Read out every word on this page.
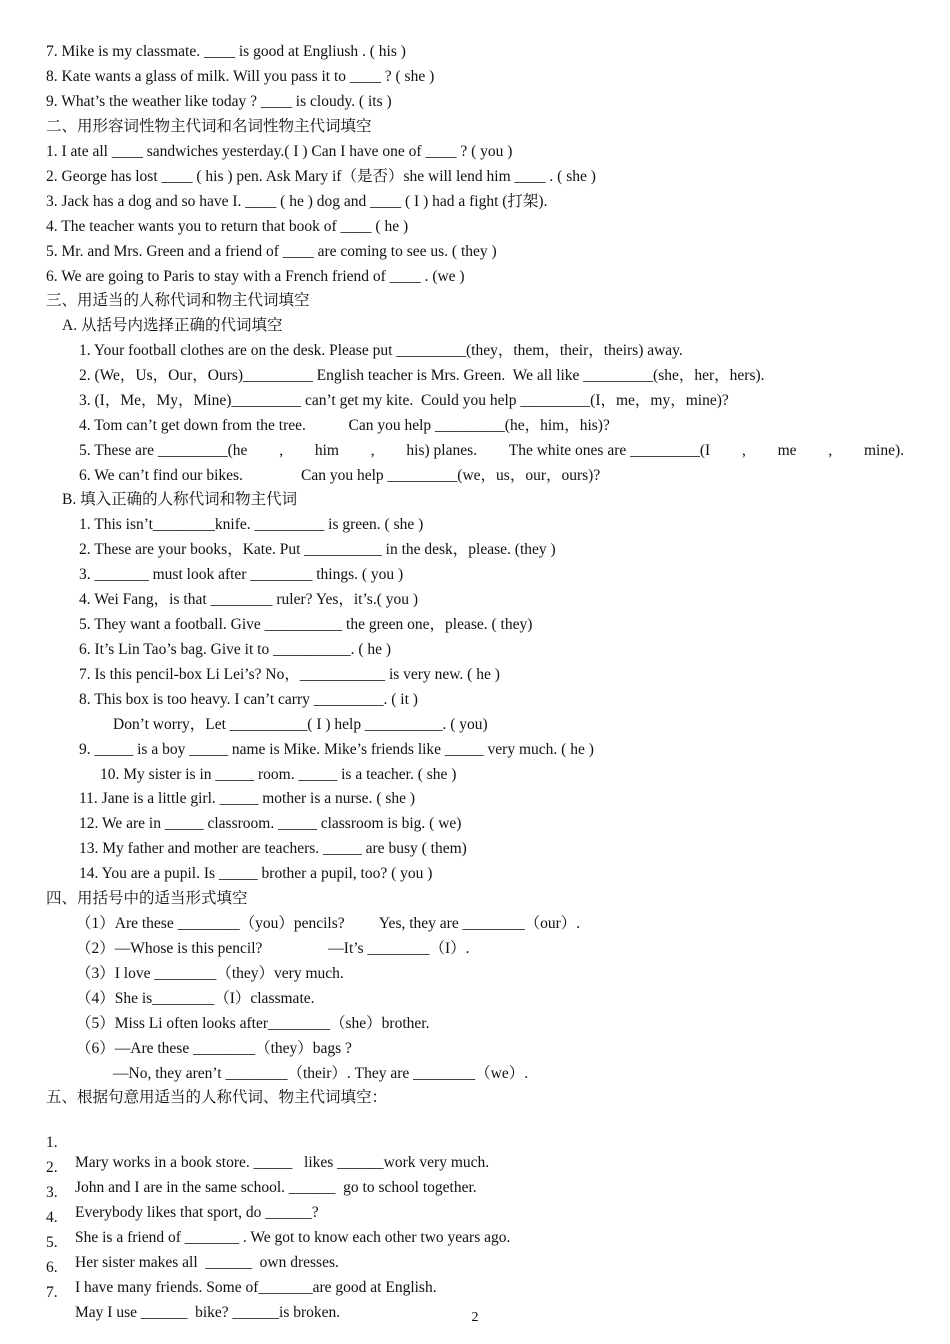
7. Mike is my classmate. ____ is good at Engliush . ( his )
8. Kate wants a glass of milk. Will you pass it to ____ ? ( she )
9. What’s the weather like today ? ____ is cloudy. ( its )
二、用形容词性物主代词和名词性物主代词填空
1. I ate all ____ sandwiches yesterday.( I ) Can I have one of ____ ? ( you )
2. George has lost ____ ( his ) pen. Ask Mary if（是否）she will lend him ____ . ( she )
3. Jack has a dog and so have I. ____ ( he ) dog and ____ ( I ) had a fight (打架).
4. The teacher wants you to return that book of ____ ( he )
5. Mr. and Mrs. Green and a friend of ____ are coming to see us. ( they )
6. We are going to Paris to stay with a French friend of ____ . (we )
三、用适当的人称代词和物主代词填空
A. 从括号内选择正确的代词填空
1. Your football clothes are on the desk. Please put _________(they，them，their，theirs) away.
2. (We，Us，Our，Ours)_________ English teacher is Mrs. Green.  We all like _________(she，her，hers).
3. (I，Me，My，Mine)_________ can’t get my kite.  Could you help _________(I，me，my，mine)?
4. Tom can’t get down from the tree.           Can you help _________(he，him，his)?
5. These are _________(he , him , his) planes. The white ones are _________(I , me , mine).
6. We can’t find our bikes.               Can you help _________(we，us，our，ours)?
B. 填入正确的人称代词和物主代词
1. This isn’t________knife. _________ is green. ( she )
2. These are your books，Kate. Put __________ in the desk，please. (they )
3. _______ must look after ________ things. ( you )
4. Wei Fang，is that ________ ruler? Yes，it’s.( you )
5. They want a football. Give __________ the green one，please. ( they)
6. It’s Lin Tao’s bag. Give it to __________. ( he )
7. Is this pencil-box Li Lei’s? No，___________ is very new. ( he )
8. This box is too heavy. I can’t carry _________. ( it )
Don’t worry，Let __________( I ) help __________. ( you)
9. _____ is a boy _____ name is Mike. Mike’s friends like _____ very much. ( he )
10. My sister is in _____ room. _____ is a teacher. ( she )
11. Jane is a little girl. _____ mother is a nurse. ( she )
12. We are in _____ classroom. _____ classroom is big. ( we)
13. My father and mother are teachers. _____ are busy ( them)
14. You are a pupil. Is _____ brother a pupil, too? ( you )
四、用括号中的适当形式填空
（1）Are these ________（you）pencils?         Yes, they are ________（our）.
（2）—Whose is this pencil?                 —It’s ________（I）.
（3）I love ________（they）very much.
（4）She is________（I）classmate.
（5）Miss Li often looks after________（she）brother.
（6）—Are these ________（they）bags ?
—No, they aren’t ________（their）. They are ________（we）.
五、根据句意用适当的人称代词、物主代词填空：

1.

Mary works in a book store. _____   likes ______work very much.

2.

John and I are in the same school. ______  go to school together.

3.

Everybody likes that sport, do ______?

4.

She is a friend of _______ . We got to know each other two years ago.

5.

Her sister makes all  ______  own dresses.

6.

I have many friends. Some of_______are good at English.

7.

May I use ______  bike? ______is broken.

	2
